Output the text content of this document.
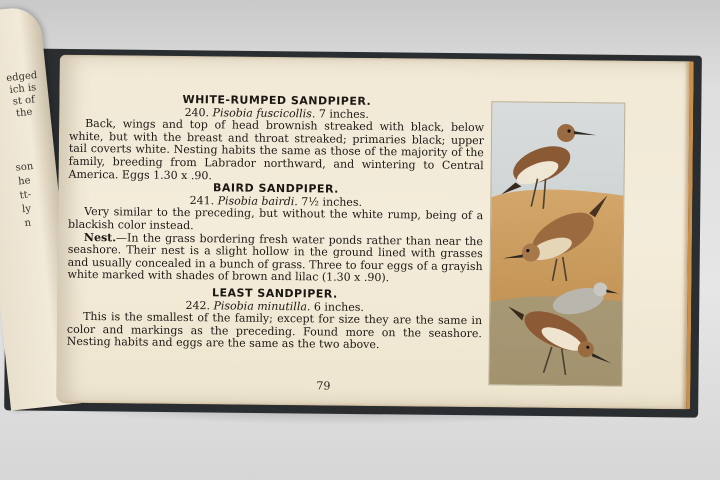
edged
ich is
st of
the
son
he
tt-
ly
n
WHITE-RUMPED SANDPIPER.
240. Pisobia fuscicollis. 7 inches.

Back, wings and top of head brownish streaked with black, below white, but with the breast and throat streaked; primaries black; upper tail coverts white. Nesting habits the same as those of the majority of the family, breeding from Labrador northward, and wintering to Central America. Eggs 1.30 x .90.

BAIRD SANDPIPER.
241. Pisobia bairdi. 7½ inches.

Very similar to the preceding, but without the white rump, being of a blackish color instead.

Nest.—In the grass bordering fresh water ponds rather than near the seashore. Their nest is a slight hollow in the ground lined with grasses and usually concealed in a bunch of grass. Three to four eggs of a grayish white marked with shades of brown and lilac (1.30 x .90).

LEAST SANDPIPER.
242. Pisobia minutilla. 6 inches.

This is the smallest of the family; except for size they are the same in color and markings as the preceding. Found more on the seashore. Nesting habits and eggs are the same as the two above.

79
